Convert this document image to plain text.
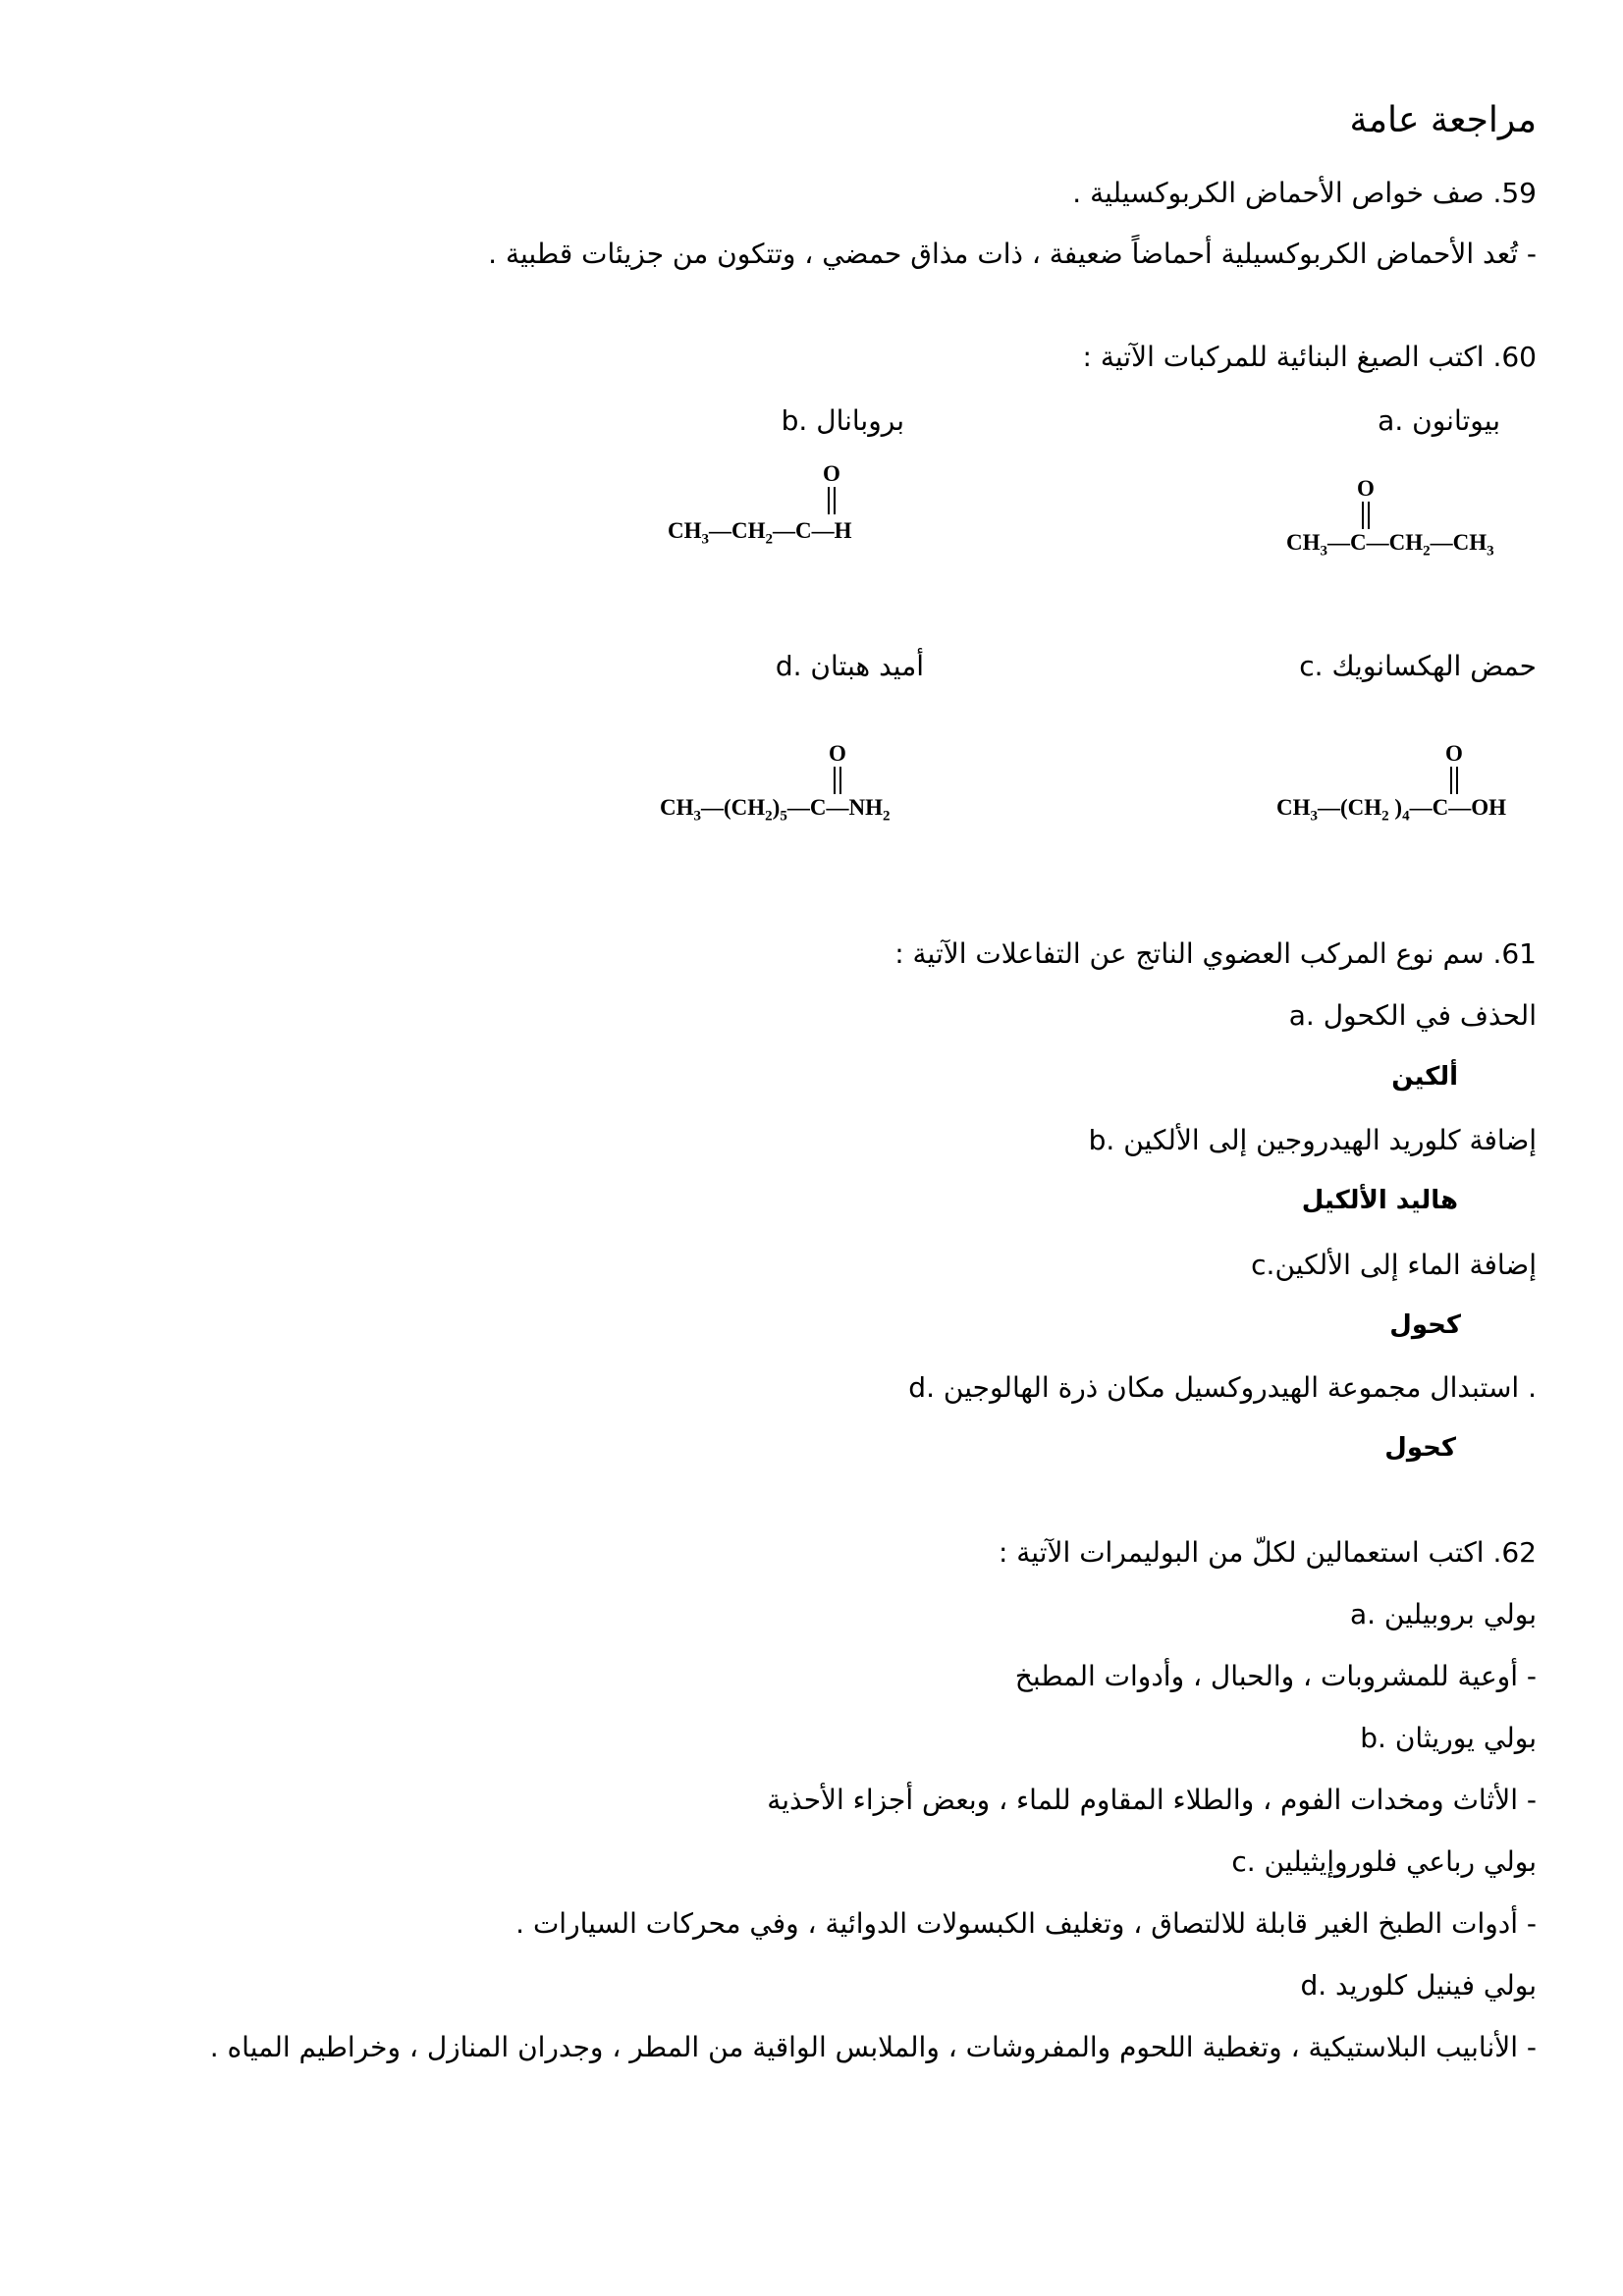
مراجعة عامة
59. صف خواص الأحماض الكربوكسيلية .
- تُعد الأحماض الكربوكسيلية أحماضاً ضعيفة ، ذات مذاق حمضي ، وتتكون من جزيئات قطبية .
60. اكتب الصيغ البنائية للمركبات الآتية :
a. بيوتانون
b. بروبانال
O
$CH_3—CH_2—C—H$
O
$CH_3—C—CH_2—CH_3$
c. حمض الهكسانويك
d. أميد هبتان
O
$CH_3—(CH_2)_5—C—NH_2$
O
$CH_3—(CH_2$ )$_4—C—OH$
61. سم نوع المركب العضوي الناتج عن التفاعلات الآتية :
a. الحذف في الكحول
ألكين
b. إضافة كلوريد الهيدروجين إلى الألكين
هاليد الألكيل
c.إضافة الماء إلى الألكين
كحول
d. استبدال مجموعة الهيدروكسيل مكان ذرة الهالوجين .
كحول
62. اكتب استعمالين لكلّ من البوليمرات الآتية :
a. بولي بروبيلين
- أوعية للمشروبات ، والحبال ، وأدوات المطبخ
b. بولي يوريثان
- الأثاث ومخدات الفوم ، والطلاء المقاوم للماء ، وبعض أجزاء الأحذية
c. بولي رباعي فلوروإيثيلين
- أدوات الطبخ الغير قابلة للالتصاق ، وتغليف الكبسولات الدوائية ، وفي محركات السيارات .
d. بولي فينيل كلوريد
- الأنابيب البلاستيكية ، وتغطية اللحوم والمفروشات ، والملابس الواقية من المطر ، وجدران المنازل ، وخراطيم المياه .
